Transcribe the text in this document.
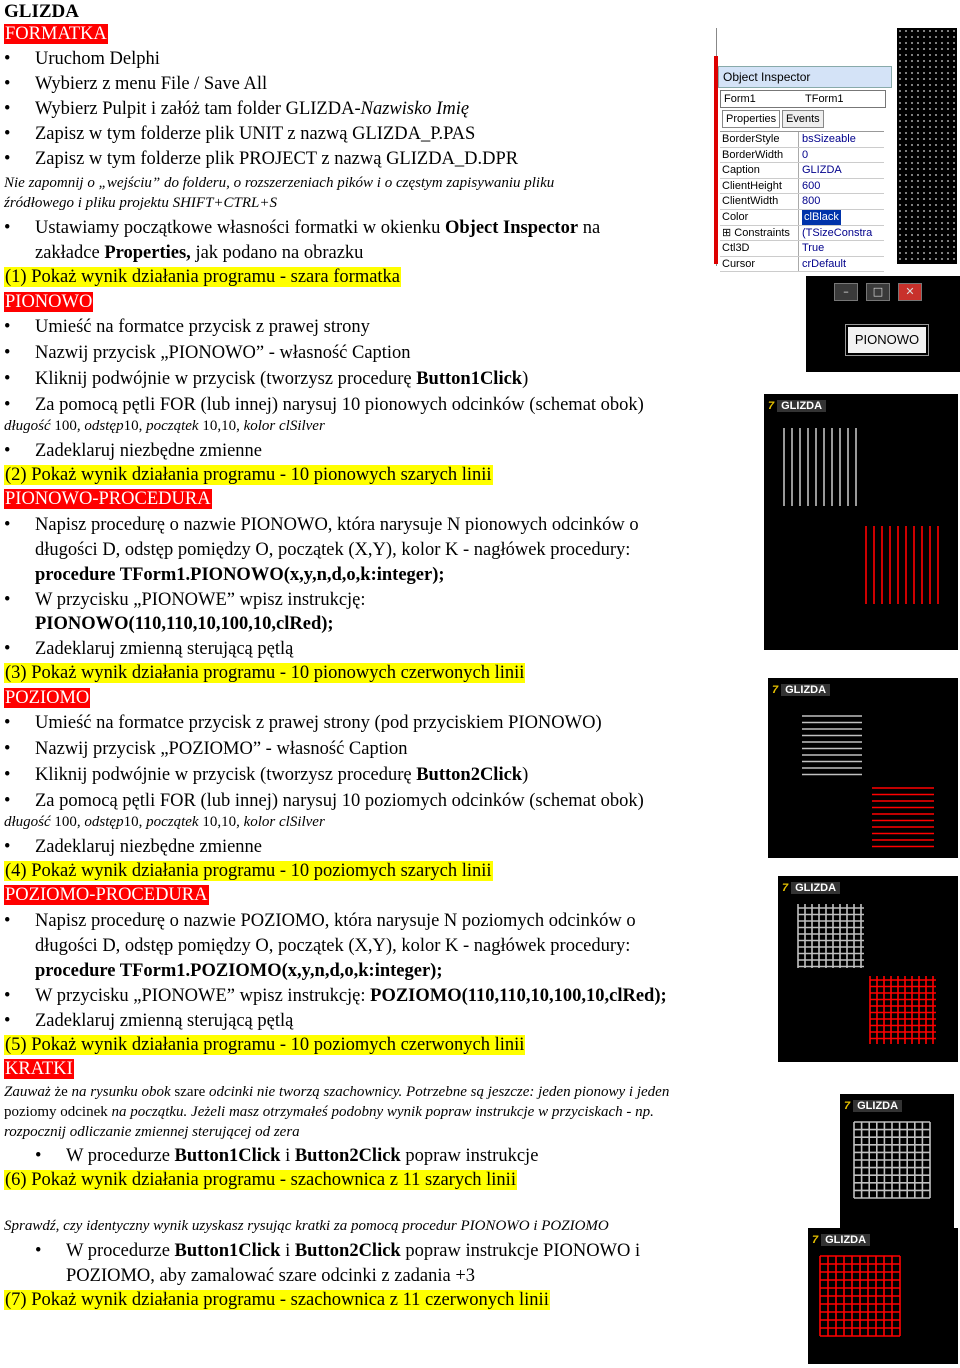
GLIZDA
FORMATKA
Uruchom Delphi
Wybierz z menu File / Save All
Wybierz Pulpit i załóż tam folder GLIZDA-Nazwisko Imię
Zapisz w tym folderze plik UNIT z nazwą GLIZDA_P.PAS
Zapisz w tym folderze plik PROJECT z nazwą GLIZDA_D.DPR
Nie zapomnij o „wejściu” do folderu, o rozszerzeniach pików i o częstym zapisywaniu pliku
źródłowego i pliku projektu SHIFT+CTRL+S
Ustawiamy początkowe własności formatki w okienku Object Inspector na
zakładce Properties, jak podano na obrazku
(1) Pokaż wynik działania programu - szara formatka
PIONOWO
Umieść na formatce przycisk z prawej strony
Nazwij przycisk „PIONOWO” - własność Caption
Kliknij podwójnie w przycisk (tworzysz procedurę Button1Click)
Za pomocą pętli FOR (lub innej) narysuj 10 pionowych odcinków (schemat obok)
długość 100, odstęp10, początek 10,10, kolor clSilver
Zadeklaruj niezbędne zmienne
(2) Pokaż wynik działania programu - 10 pionowych szarych linii
PIONOWO-PROCEDURA
Napisz procedurę o nazwie PIONOWO, która narysuje N pionowych odcinków o
długości D, odstęp pomiędzy O, początek (X,Y), kolor K - nagłówek procedury:
procedure TForm1.PIONOWO(x,y,n,d,o,k:integer);
W przycisku „PIONOWE” wpisz instrukcję:
PIONOWO(110,110,10,100,10,clRed);
Zadeklaruj zmienną sterującą pętlą
(3) Pokaż wynik działania programu - 10 pionowych czerwonych linii
POZIOMO
Umieść na formatce przycisk z prawej strony (pod przyciskiem PIONOWO)
Nazwij przycisk „POZIOMO” - własność Caption
Kliknij podwójnie w przycisk (tworzysz procedurę Button2Click)
Za pomocą pętli FOR (lub innej) narysuj 10 poziomych odcinków (schemat obok)
długość 100, odstęp10, początek 10,10, kolor clSilver
Zadeklaruj niezbędne zmienne
(4) Pokaż wynik działania programu - 10 poziomych szarych linii
POZIOMO-PROCEDURA
Napisz procedurę o nazwie POZIOMO, która narysuje N poziomych odcinków o
długości D, odstęp pomiędzy O, początek (X,Y), kolor K - nagłówek procedury:
procedure TForm1.POZIOMO(x,y,n,d,o,k:integer);
W przycisku „PIONOWE” wpisz instrukcję: POZIOMO(110,110,10,100,10,clRed);
Zadeklaruj zmienną sterującą pętlą
(5) Pokaż wynik działania programu - 10 poziomych czerwonych linii
KRATKI
Zauważ że na rysunku obok szare odcinki nie tworzą szachownicy. Potrzebne są jeszcze: jeden pionowy i jeden
poziomy odcinek na początku. Jeżeli masz otrzymałeś podobny wynik popraw instrukcje w przyciskach - np.
rozpocznij odliczanie zmiennej sterującej od zera
W procedurze Button1Click i Button2Click popraw instrukcje
(6) Pokaż wynik działania programu - szachownica z 11 szarych linii
Sprawdź, czy identyczny wynik uzyskasz rysując kratki za pomocą procedur PIONOWO i POZIOMO
W procedurze Button1Click i Button2Click popraw instrukcje PIONOWO i
POZIOMO, aby zamalować szare odcinki z zadania +3
(7) Pokaż wynik działania programu - szachownica z 11 czerwonych linii
Object Inspector
Form1	TForm1
Properties Events
BorderStyle	bsSizeable
BorderWidth	0
Caption	GLIZDA
ClientHeight	600
ClientWidth	800
Color	clBlack
⊞ Constraints	(TSizeConstra
Ctl3D	True
Cursor	crDefault
–	□	✕
PIONOWO
7 GLIZDA
7 GLIZDA
7 GLIZDA
7 GLIZDA
7 GLIZDA
